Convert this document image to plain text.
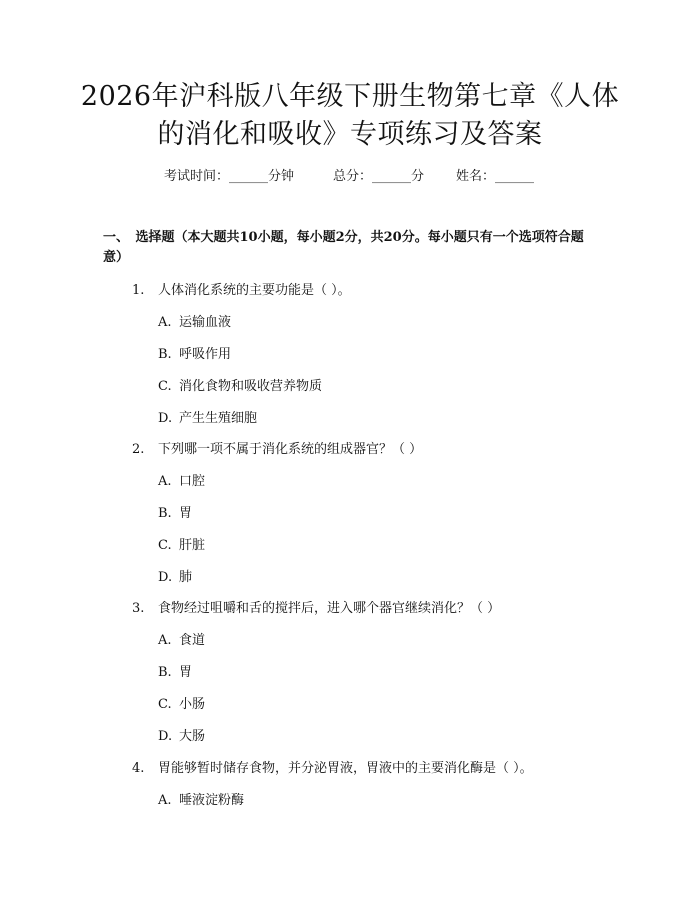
2026年沪科版八年级下册生物第七章《人体
的消化和吸收》专项练习及答案
考试时间：______分钟	总分：______分 姓名：______
一、　选择题（本大题共10小题，每小题2分，共20分。每小题只有一个选项符合题意）
1. 人体消化系统的主要功能是（ ）。
A. 运输血液
B. 呼吸作用
C. 消化食物和吸收营养物质
D. 产生生殖细胞
2. 下列哪一项不属于消化系统的组成器官？（ ）
A. 口腔
B. 胃
C. 肝脏
D. 肺
3. 食物经过咀嚼和舌的搅拌后，进入哪个器官继续消化？（ ）
A. 食道
B. 胃
C. 小肠
D. 大肠
4. 胃能够暂时储存食物，并分泌胃液，胃液中的主要消化酶是（ ）。
A. 唾液淀粉酶
